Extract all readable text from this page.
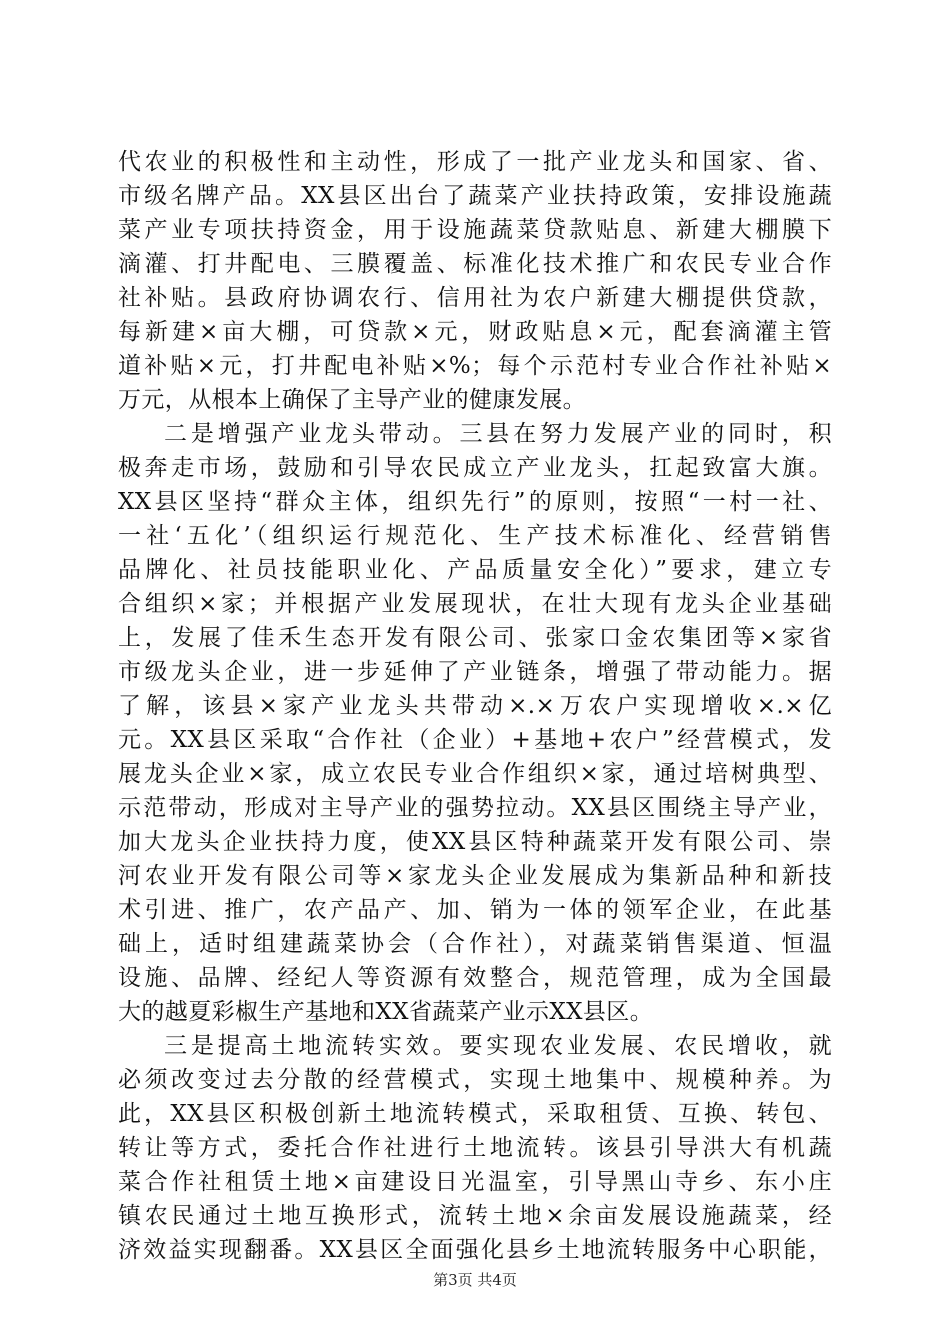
代农业的积极性和主动性，形成了一批产业龙头和国家、省、
市级名牌产品。XX县区出台了蔬菜产业扶持政策，安排设施蔬
菜产业专项扶持资金，用于设施蔬菜贷款贴息、新建大棚膜下
滴灌、打井配电、三膜覆盖、标准化技术推广和农民专业合作
社补贴。县政府协调农行、信用社为农户新建大棚提供贷款，
每新建×亩大棚，可贷款×元，财政贴息×元，配套滴灌主管
道补贴×元，打井配电补贴×%；每个示范村专业合作社补贴×
万元，从根本上确保了主导产业的健康发展。
二是增强产业龙头带动。三县在努力发展产业的同时，积
极奔走市场，鼓励和引导农民成立产业龙头，扛起致富大旗。
XX县区坚持“群众主体，组织先行”的原则，按照“一村一社、
一社‘五化’（组织运行规范化、生产技术标准化、经营销售
品牌化、社员技能职业化、产品质量安全化）”要求，建立专
合组织×家；并根据产业发展现状，在壮大现有龙头企业基础
上，发展了佳禾生态开发有限公司、张家口金农集团等×家省
市级龙头企业，进一步延伸了产业链条，增强了带动能力。据
了解，该县×家产业龙头共带动×.×万农户实现增收×.×亿
元。XX县区采取“合作社（企业）+基地+农户”经营模式，发
展龙头企业×家，成立农民专业合作组织×家，通过培树典型、
示范带动，形成对主导产业的强势拉动。XX县区围绕主导产业，
加大龙头企业扶持力度，使XX县区特种蔬菜开发有限公司、崇
河农业开发有限公司等×家龙头企业发展成为集新品种和新技
术引进、推广，农产品产、加、销为一体的领军企业，在此基
础上，适时组建蔬菜协会（合作社），对蔬菜销售渠道、恒温
设施、品牌、经纪人等资源有效整合，规范管理，成为全国最
大的越夏彩椒生产基地和XX省蔬菜产业示XX县区。
三是提高土地流转实效。要实现农业发展、农民增收，就
必须改变过去分散的经营模式，实现土地集中、规模种养。为
此，XX县区积极创新土地流转模式，采取租赁、互换、转包、
转让等方式，委托合作社进行土地流转。该县引导洪大有机蔬
菜合作社租赁土地×亩建设日光温室，引导黑山寺乡、东小庄
镇农民通过土地互换形式，流转土地×余亩发展设施蔬菜，经
济效益实现翻番。XX县区全面强化县乡土地流转服务中心职能，
第3页 共4页
